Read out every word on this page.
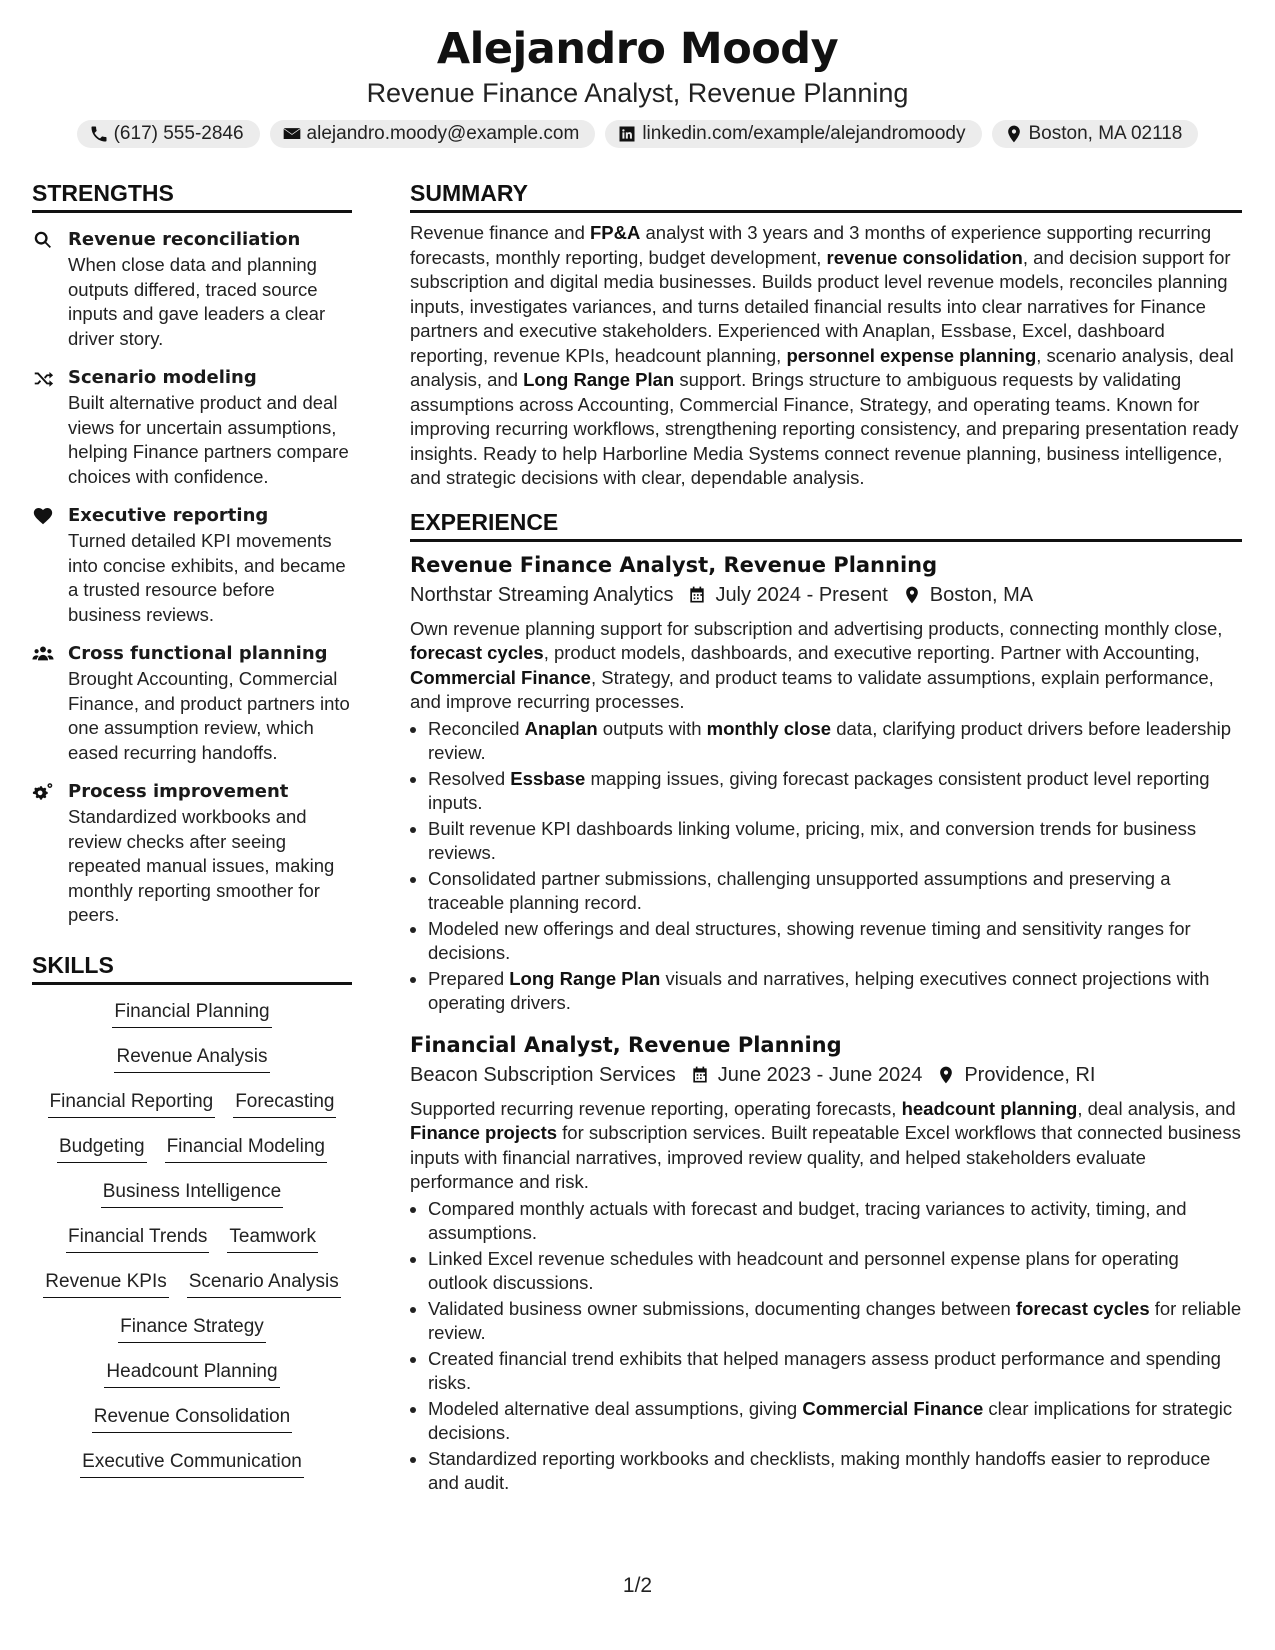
Alejandro Moody
Revenue Finance Analyst, Revenue Planning
(617) 555-2846	alejandro.moody@example.com	linkedin.com/example/alejandromoody	Boston, MA 02118
STRENGTHS
Revenue reconciliation
When close data and planning outputs differed, traced source inputs and gave leaders a clear driver story.
Scenario modeling
Built alternative product and deal views for uncertain assumptions, helping Finance partners compare choices with confidence.
Executive reporting
Turned detailed KPI movements into concise exhibits, and became a trusted resource before business reviews.
Cross functional planning
Brought Accounting, Commercial Finance, and product partners into one assumption review, which eased recurring handoffs.
Process improvement
Standardized workbooks and review checks after seeing repeated manual issues, making monthly reporting smoother for peers.
SKILLS
Financial Planning
Revenue Analysis
Financial Reporting Forecasting
Budgeting Financial Modeling
Business Intelligence
Financial Trends Teamwork
Revenue KPIs Scenario Analysis
Finance Strategy
Headcount Planning
Revenue Consolidation
Executive Communication
SUMMARY
Revenue finance and FP&A analyst with 3 years and 3 months of experience supporting recurring forecasts, monthly reporting, budget development, revenue consolidation, and decision support for subscription and digital media businesses. Builds product level revenue models, reconciles planning inputs, investigates variances, and turns detailed financial results into clear narratives for Finance partners and executive stakeholders. Experienced with Anaplan, Essbase, Excel, dashboard reporting, revenue KPIs, headcount planning, personnel expense planning, scenario analysis, deal analysis, and Long Range Plan support. Brings structure to ambiguous requests by validating assumptions across Accounting, Commercial Finance, Strategy, and operating teams. Known for improving recurring workflows, strengthening reporting consistency, and preparing presentation ready insights. Ready to help Harborline Media Systems connect revenue planning, business intelligence, and strategic decisions with clear, dependable analysis.
EXPERIENCE
Revenue Finance Analyst, Revenue Planning
Northstar Streaming Analytics July 2024 - Present Boston, MA
Own revenue planning support for subscription and advertising products, connecting monthly close, forecast cycles, product models, dashboards, and executive reporting. Partner with Accounting, Commercial Finance, Strategy, and product teams to validate assumptions, explain performance, and improve recurring processes.
• Reconciled Anaplan outputs with monthly close data, clarifying product drivers before leadership review.
• Resolved Essbase mapping issues, giving forecast packages consistent product level reporting inputs.
• Built revenue KPI dashboards linking volume, pricing, mix, and conversion trends for business reviews.
• Consolidated partner submissions, challenging unsupported assumptions and preserving a traceable planning record.
• Modeled new offerings and deal structures, showing revenue timing and sensitivity ranges for decisions.
• Prepared Long Range Plan visuals and narratives, helping executives connect projections with operating drivers.
Financial Analyst, Revenue Planning
Beacon Subscription Services June 2023 - June 2024 Providence, RI
Supported recurring revenue reporting, operating forecasts, headcount planning, deal analysis, and Finance projects for subscription services. Built repeatable Excel workflows that connected business inputs with financial narratives, improved review quality, and helped stakeholders evaluate performance and risk.
• Compared monthly actuals with forecast and budget, tracing variances to activity, timing, and assumptions.
• Linked Excel revenue schedules with headcount and personnel expense plans for operating outlook discussions.
• Validated business owner submissions, documenting changes between forecast cycles for reliable review.
• Created financial trend exhibits that helped managers assess product performance and spending risks.
• Modeled alternative deal assumptions, giving Commercial Finance clear implications for strategic decisions.
• Standardized reporting workbooks and checklists, making monthly handoffs easier to reproduce and audit.
1/2
